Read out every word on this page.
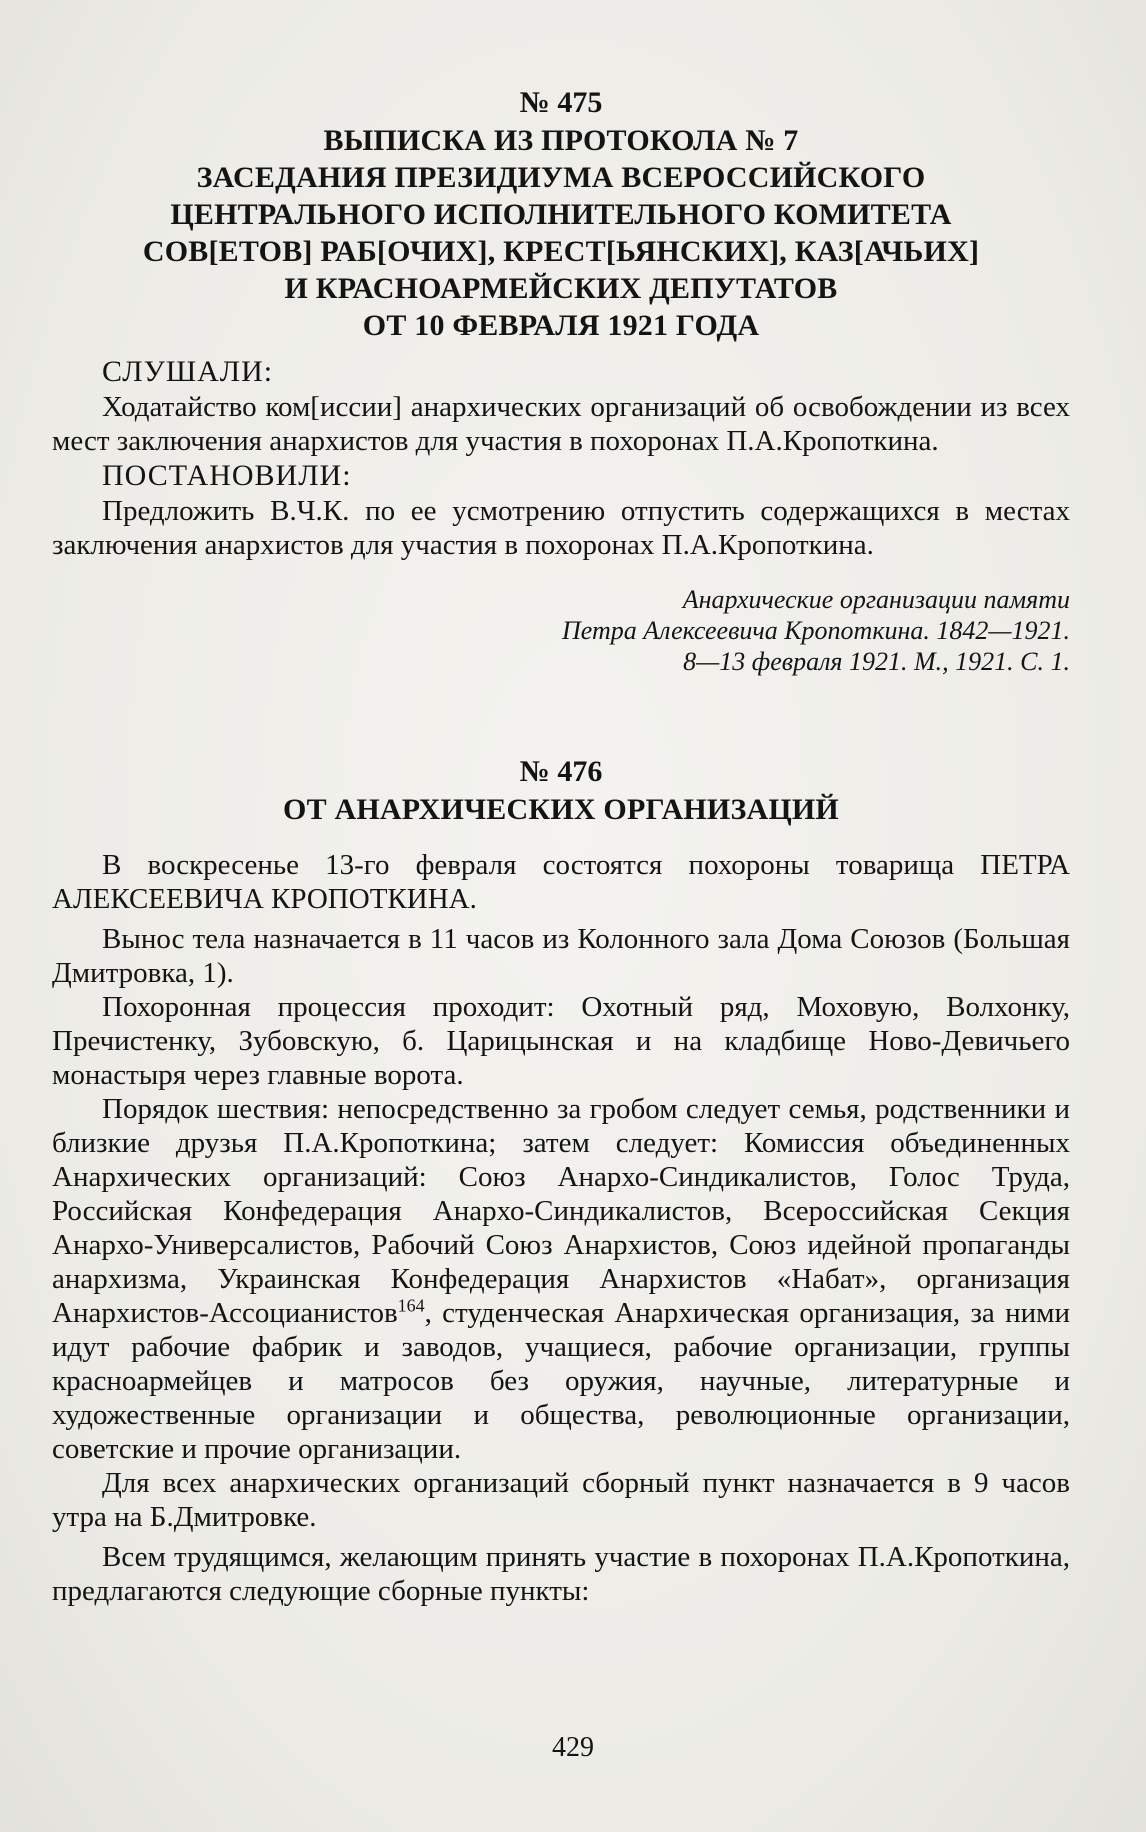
№ 475

ВЫПИСКА ИЗ ПРОТОКОЛА № 7
ЗАСЕДАНИЯ ПРЕЗИДИУМА ВСЕРОССИЙСКОГО
ЦЕНТРАЛЬНОГО ИСПОЛНИТЕЛЬНОГО КОМИТЕТА
СОВ[ЕТОВ] РАБ[ОЧИХ], КРЕСТ[ЬЯНСКИХ], КАЗ[АЧЬИХ]
И КРАСНОАРМЕЙСКИХ ДЕПУТАТОВ
ОТ 10 ФЕВРАЛЯ 1921 ГОДА

СЛУШАЛИ:

Ходатайство ком[иссии] анархических организаций об освобождении из всех мест заключения анархистов для участия в похоронах П.А.Кропоткина.

ПОСТАНОВИЛИ:

Предложить В.Ч.К. по ее усмотрению отпустить содержащихся в местах заключения анархистов для участия в похоронах П.А.Кропоткина.

Анархические организации памяти
Петра Алексеевича Кропоткина. 1842—1921.
8—13 февраля 1921. М., 1921. С. 1.

№ 476

ОТ АНАРХИЧЕСКИХ ОРГАНИЗАЦИЙ

В воскресенье 13-го февраля состоятся похороны товарища ПЕТРА АЛЕКСЕЕВИЧА КРОПОТКИНА.

Вынос тела назначается в 11 часов из Колонного зала Дома Союзов (Большая Дмитровка, 1).

Похоронная процессия проходит: Охотный ряд, Моховую, Волхонку, Пречистенку, Зубовскую, б. Царицынская и на кладбище Ново-Девичьего монастыря через главные ворота.

Порядок шествия: непосредственно за гробом следует семья, родственники и близкие друзья П.А.Кропоткина; затем следует: Комиссия объединенных Анархических организаций: Союз Анархо-Синдикалистов, Голос Труда, Российская Конфедерация Анархо-Синдикалистов, Всероссийская Секция Анархо-Универсалистов, Рабочий Союз Анархистов, Союз идейной пропаганды анархизма, Украинская Конфедерация Анархистов «Набат», организация Анархистов-Ассоцианистов$^{164}$, студенческая Анархическая организация, за ними идут рабочие фабрик и заводов, учащиеся, рабочие организации, группы красноармейцев и матросов без оружия, научные, литературные и художественные организации и общества, революционные организации, советские и прочие организации.

Для всех анархических организаций сборный пункт назначается в 9 часов утра на Б.Дмитровке.

Всем трудящимся, желающим принять участие в похоронах П.А.Кропоткина, предлагаются следующие сборные пункты:

429
